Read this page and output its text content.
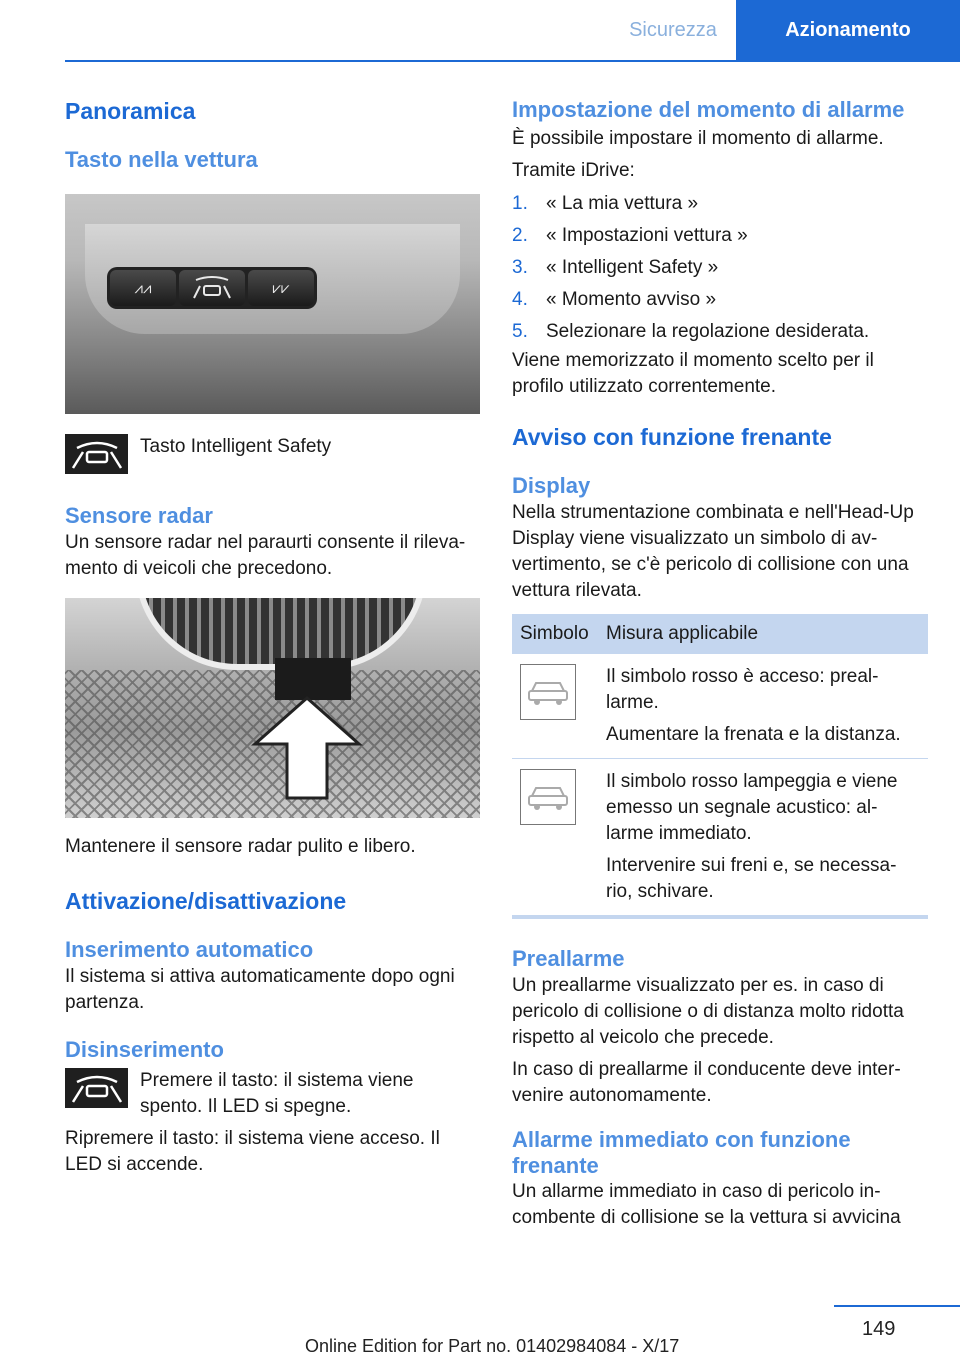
Sicurezza	Azionamento
Panoramica
Tasto nella vettura
⩘⩘	⩗⩗

Tasto Intelligent Safety

Sensore radar

Un sensore radar nel paraurti consente il rileva-mento di veicoli che precedono.

Mantenere il sensore radar pulito e libero.

Attivazione/disattivazione
Inserimento automatico

Il sistema si attiva automaticamente dopo ogni partenza.

Disinserimento

Premere il tasto: il sistema viene spento. Il LED si spegne.

Ripremere il tasto: il sistema viene acceso. Il LED si accende.

Impostazione del momento di allarme

È possibile impostare il momento di allarme.

Tramite iDrive:

1. « La mia vettura »
2. « Impostazioni vettura »
3. « Intelligent Safety »
4. « Momento avviso »
5. Selezionare la regolazione desiderata.

Viene memorizzato il momento scelto per il profilo utilizzato correntemente.

Avviso con funzione frenante
Display

Nella strumentazione combinata e nell'Head-Up Display viene visualizzato un simbolo di av-vertimento, se c'è pericolo di collisione con una vettura rilevata.

Simbolo	Misura applicabile

Il simbolo rosso è acceso: preal-larme.

Aumentare la frenata e la distanza.

Il simbolo rosso lampeggia e viene emesso un segnale acustico: al-larme immediato.

Intervenire sui freni e, se necessa-rio, schivare.

Preallarme

Un preallarme visualizzato per es. in caso di pericolo di collisione o di distanza molto ridotta rispetto al veicolo che precede.

In caso di preallarme il conducente deve inter-venire autonomamente.

Allarme immediato con funzione frenante

Un allarme immediato in caso di pericolo in-combente di collisione se la vettura si avvicina

149
Online Edition for Part no. 01402984084 - X/17
